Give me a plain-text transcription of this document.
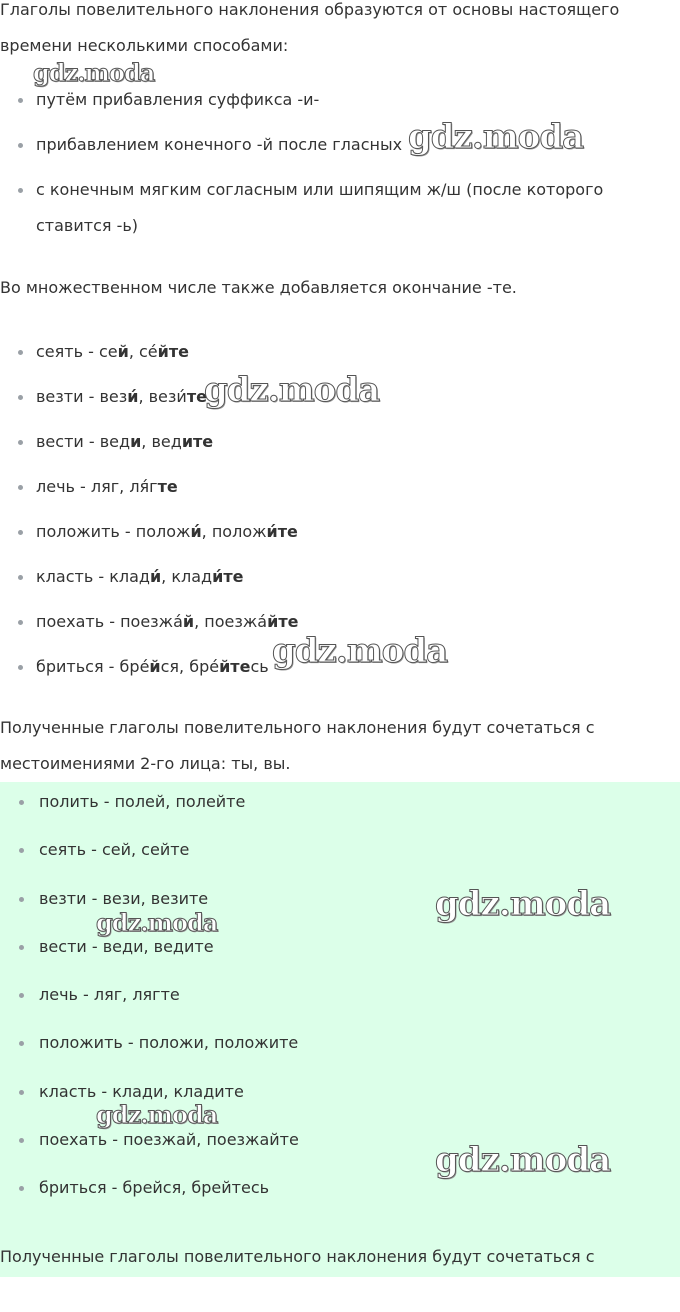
Глаголы повелительного наклонения образуются от основы настоящего
времени несколькими способами:

путём прибавления суффикса -и-
прибавлением конечного -й после гласных
с конечным мягким согласным или шипящим ж/ш (после которого ставится -ь)

Во множественном числе также добавляется окончание -те.

сеять - сей, се́йте
везти - вези́, вези́те
вести - веди, ведите
лечь - ляг, ля́гте
положить - положи́, положи́те
класть - клади́, клади́те
поехать - поезжа́й, поезжа́йте
бриться - бре́йся, бре́йтесь

Полученные глаголы повелительного наклонения будут сочетаться с
местоимениями 2-го лица: ты, вы.

полить - полей, полейте
сеять - сей, сейте
везти - вези, везите
вести - веди, ведите
лечь - ляг, лягте
положить - положи, положите
класть - клади, кладите
поехать - поезжай, поезжайте
бриться - брейся, брейтесь

Полученные глаголы повелительного наклонения будут сочетаться с

gdz.moda
gdz.moda
gdz.moda
gdz.moda
gdz.moda
gdz.moda
gdz.moda
gdz.moda
